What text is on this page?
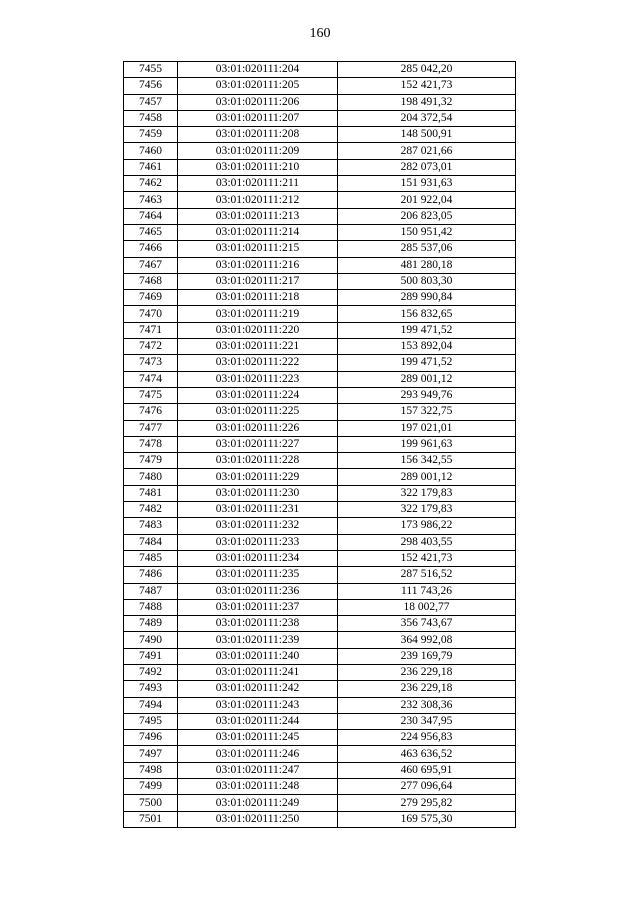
160
7455	03:01:020111:204	285 042,20
7456	03:01:020111:205	152 421,73
7457	03:01:020111:206	198 491,32
7458	03:01:020111:207	204 372,54
7459	03:01:020111:208	148 500,91
7460	03:01:020111:209	287 021,66
7461	03:01:020111:210	282 073,01
7462	03:01:020111:211	151 931,63
7463	03:01:020111:212	201 922,04
7464	03:01:020111:213	206 823,05
7465	03:01:020111:214	150 951,42
7466	03:01:020111:215	285 537,06
7467	03:01:020111:216	481 280,18
7468	03:01:020111:217	500 803,30
7469	03:01:020111:218	289 990,84
7470	03:01:020111:219	156 832,65
7471	03:01:020111:220	199 471,52
7472	03:01:020111:221	153 892,04
7473	03:01:020111:222	199 471,52
7474	03:01:020111:223	289 001,12
7475	03:01:020111:224	293 949,76
7476	03:01:020111:225	157 322,75
7477	03:01:020111:226	197 021,01
7478	03:01:020111:227	199 961,63
7479	03:01:020111:228	156 342,55
7480	03:01:020111:229	289 001,12
7481	03:01:020111:230	322 179,83
7482	03:01:020111:231	322 179,83
7483	03:01:020111:232	173 986,22
7484	03:01:020111:233	298 403,55
7485	03:01:020111:234	152 421,73
7486	03:01:020111:235	287 516,52
7487	03:01:020111:236	111 743,26
7488	03:01:020111:237	18 002,77
7489	03:01:020111:238	356 743,67
7490	03:01:020111:239	364 992,08
7491	03:01:020111:240	239 169,79
7492	03:01:020111:241	236 229,18
7493	03:01:020111:242	236 229,18
7494	03:01:020111:243	232 308,36
7495	03:01:020111:244	230 347,95
7496	03:01:020111:245	224 956,83
7497	03:01:020111:246	463 636,52
7498	03:01:020111:247	460 695,91
7499	03:01:020111:248	277 096,64
7500	03:01:020111:249	279 295,82
7501	03:01:020111:250	169 575,30
